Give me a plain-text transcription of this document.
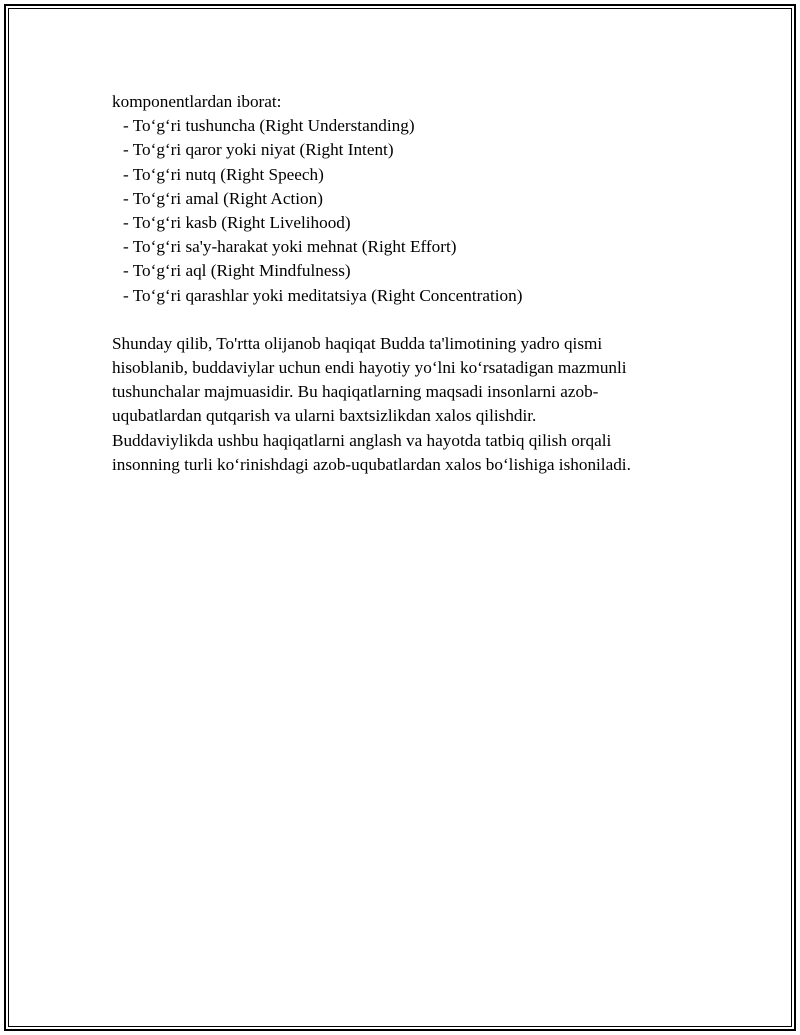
komponentlardan iborat:

- To‘g‘ri tushuncha (Right Understanding)
- To‘g‘ri qaror yoki niyat (Right Intent)
- To‘g‘ri nutq (Right Speech)
- To‘g‘ri amal (Right Action)
- To‘g‘ri kasb (Right Livelihood)
- To‘g‘ri sa'y-harakat yoki mehnat (Right Effort)
- To‘g‘ri aql (Right Mindfulness)
- To‘g‘ri qarashlar yoki meditatsiya (Right Concentration)

Shunday qilib, To'rtta olijanob haqiqat Budda ta'limotining yadro qismi
hisoblanib, buddaviylar uchun endi hayotiy yo‘lni ko‘rsatadigan mazmunli
tushunchalar majmuasidir. Bu haqiqatlarning maqsadi insonlarni azob-
uqubatlardan qutqarish va ularni baxtsizlikdan xalos qilishdir.
Buddaviylikda ushbu haqiqatlarni anglash va hayotda tatbiq qilish orqali
insonning turli ko‘rinishdagi azob-uqubatlardan xalos bo‘lishiga ishoniladi.
